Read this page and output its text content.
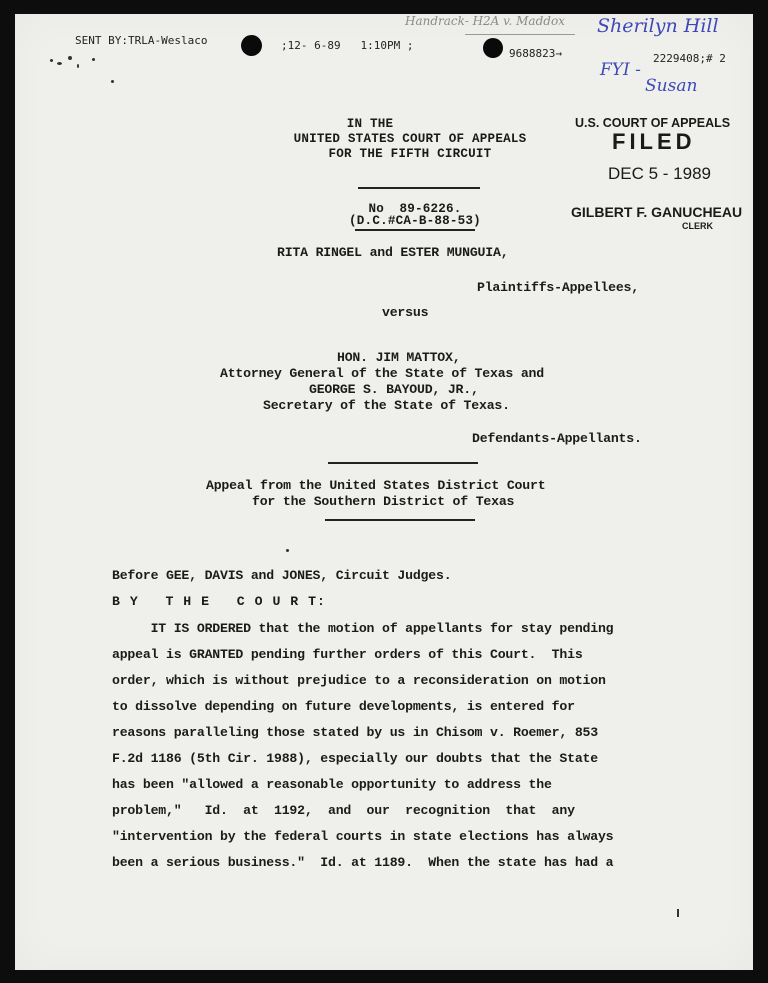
SENT BY:TRLA-Weslaco	;12- 6-89   1:10PM ;
9688823→	2229408;# 2
Handrack- H2A v. Maddox Sherilyn Hill
FYI -
Susan
IN THE
UNITED STATES COURT OF APPEALS
FOR THE FIFTH CIRCUIT
No  89-6226.
(D.C.#CA-B-88-53)
U.S. COURT OF APPEALS
FILED
DEC 5 - 1989
GILBERT F. GANUCHEAU
CLERK
RITA RINGEL and ESTER MUNGUIA,
Plaintiffs-Appellees,
versus
HON. JIM MATTOX,
Attorney General of the State of Texas and
GEORGE S. BAYOUD, JR.,
Secretary of the State of Texas.
Defendants-Appellants.
Appeal from the United States District Court
for the Southern District of Texas
Before GEE, DAVIS and JONES, Circuit Judges.
B Y   T H E   C O U R T:
IT IS ORDERED that the motion of appellants for stay pending
appeal is GRANTED pending further orders of this Court.  This
order, which is without prejudice to a reconsideration on motion
to dissolve depending on future developments, is entered for
reasons paralleling those stated by us in Chisom v. Roemer, 853
F.2d 1186 (5th Cir. 1988), especially our doubts that the State
has been "allowed a reasonable opportunity to address the
problem,"   Id.  at  1192,  and  our  recognition  that  any
"intervention by the federal courts in state elections has always
been a serious business."  Id. at 1189.  When the state has had a
